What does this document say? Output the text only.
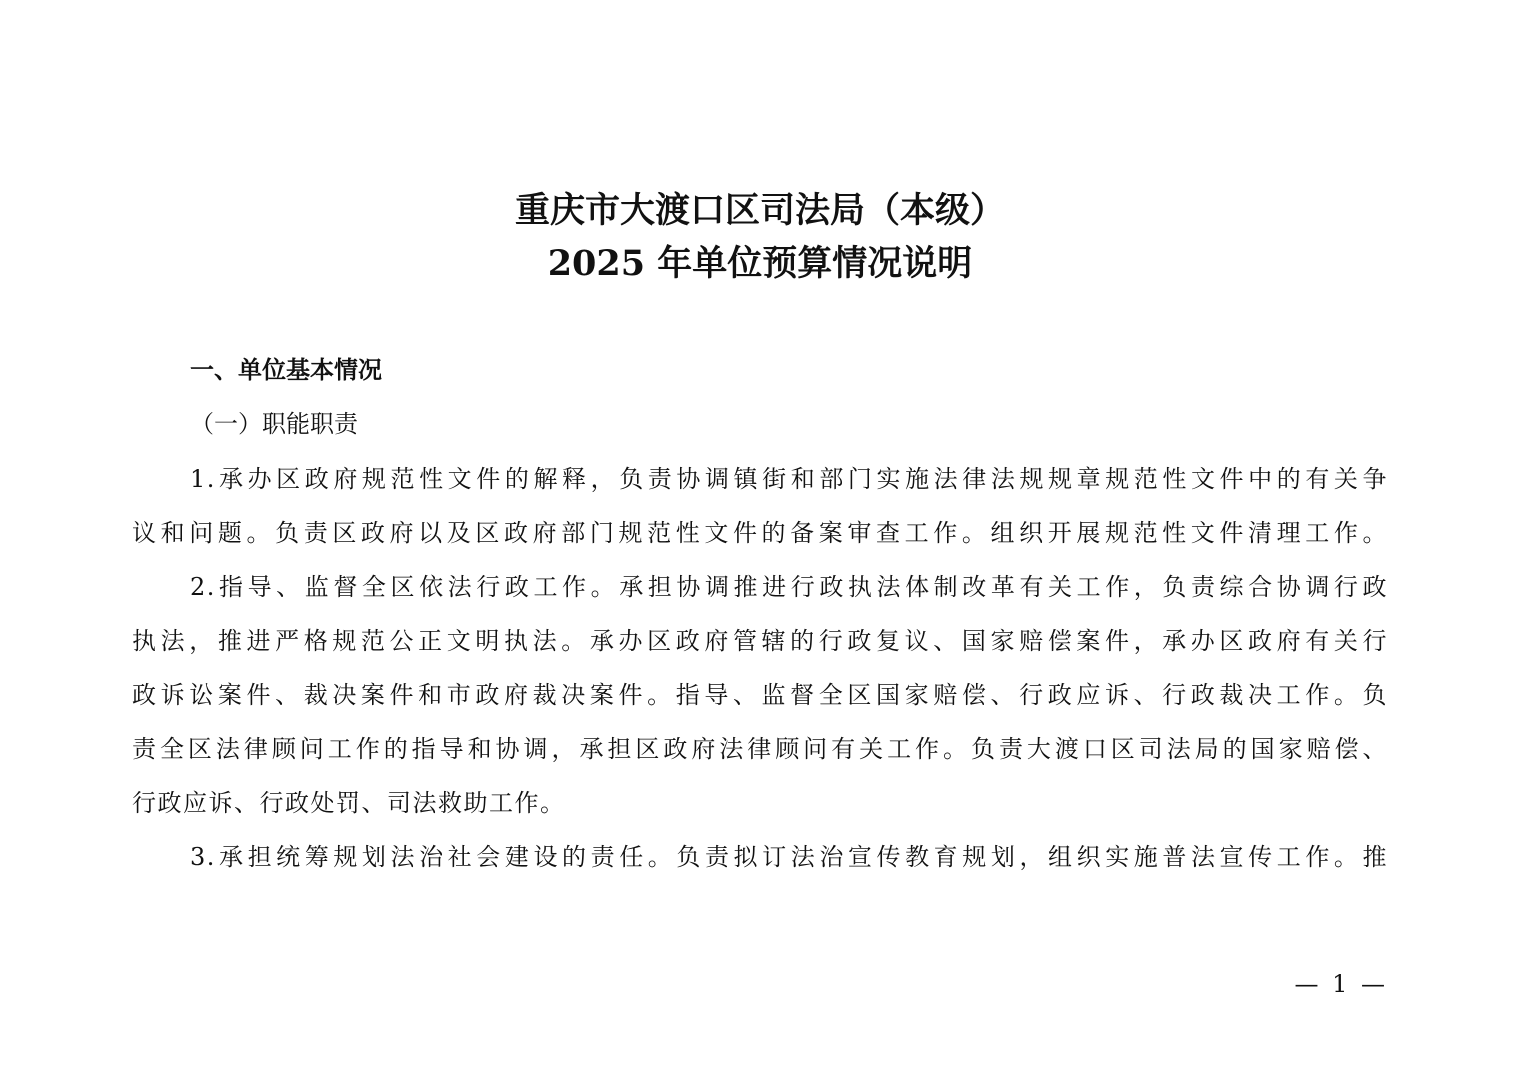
重庆市大渡口区司法局（本级）
2025 年单位预算情况说明
一、单位基本情况
（一）职能职责
1.承办区政府规范性文件的解释，负责协调镇街和部门实施法律法规规章规范性文件中的有关争
议和问题。负责区政府以及区政府部门规范性文件的备案审查工作。组织开展规范性文件清理工作。
2.指导、监督全区依法行政工作。承担协调推进行政执法体制改革有关工作，负责综合协调行政
执法，推进严格规范公正文明执法。承办区政府管辖的行政复议、国家赔偿案件，承办区政府有关行
政诉讼案件、裁决案件和市政府裁决案件。指导、监督全区国家赔偿、行政应诉、行政裁决工作。负
责全区法律顾问工作的指导和协调，承担区政府法律顾问有关工作。负责大渡口区司法局的国家赔偿、
行政应诉、行政处罚、司法救助工作。
3.承担统筹规划法治社会建设的责任。负责拟订法治宣传教育规划，组织实施普法宣传工作。推
— 1 —
